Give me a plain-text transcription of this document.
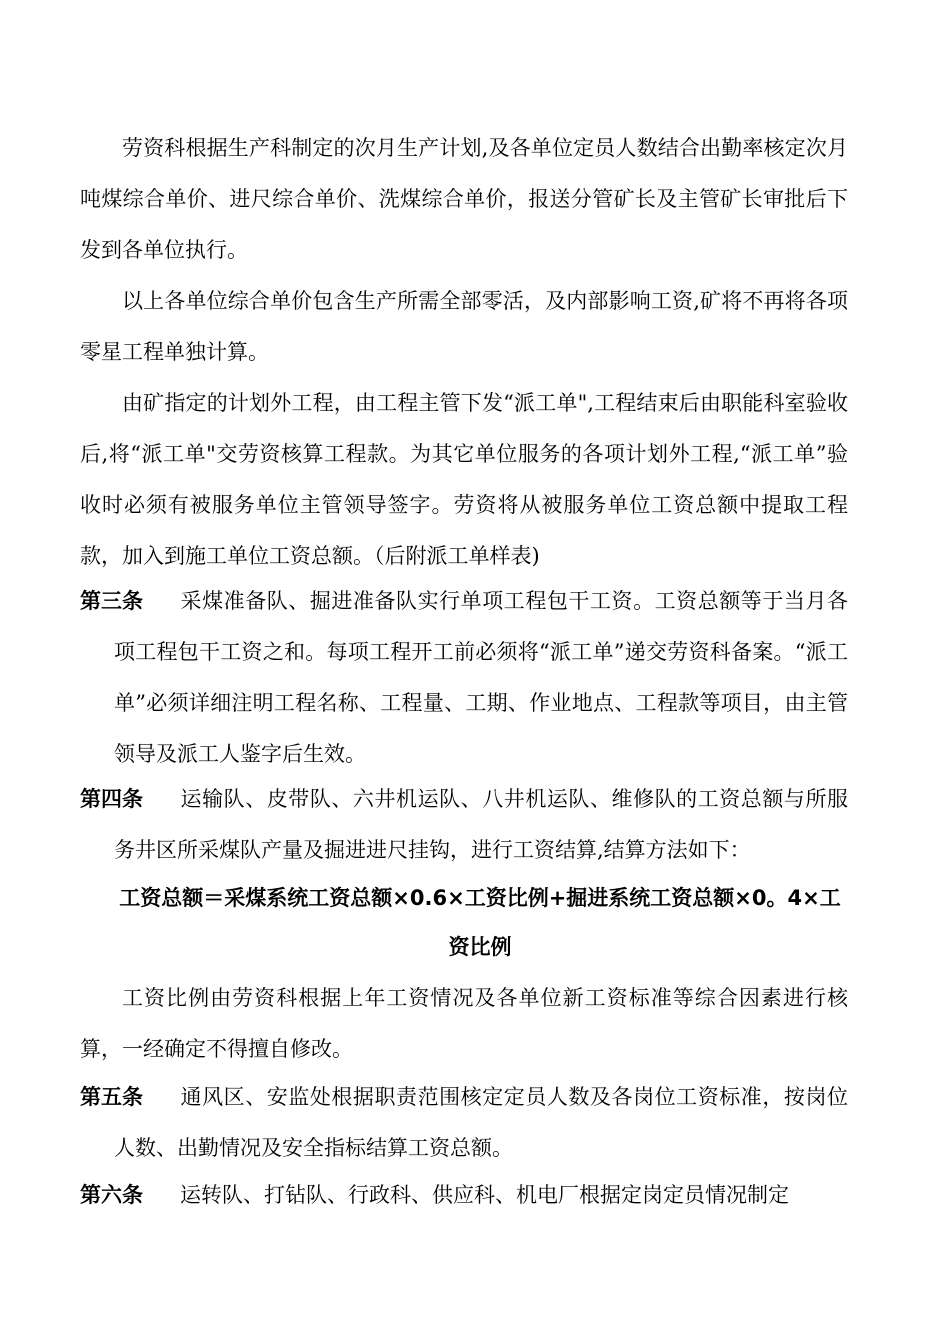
劳资科根据生产科制定的次月生产计划,及各单位定员人数结合出勤率核定次月吨煤综合单价、进尺综合单价、洗煤综合单价，报送分管矿长及主管矿长审批后下发到各单位执行。

以上各单位综合单价包含生产所需全部零活，及内部影响工资,矿将不再将各项零星工程单独计算。

由矿指定的计划外工程，由工程主管下发“派工单",工程结束后由职能科室验收后,将“派工单"交劳资核算工程款。为其它单位服务的各项计划外工程,“派工单”验收时必须有被服务单位主管领导签字。劳资将从被服务单位工资总额中提取工程款，加入到施工单位工资总额。（后附派工单样表)

第三条 采煤准备队、掘进准备队实行单项工程包干工资。工资总额等于当月各项工程包干工资之和。每项工程开工前必须将“派工单”递交劳资科备案。“派工单”必须详细注明工程名称、工程量、工期、作业地点、工程款等项目，由主管领导及派工人鉴字后生效。

第四条 运输队、皮带队、六井机运队、八井机运队、维修队的工资总额与所服务井区所采煤队产量及掘进进尺挂钩，进行工资结算,结算方法如下：

工资总额＝采煤系统工资总额×0.6×工资比例+掘进系统工资总额×0。4×工

资比例

工资比例由劳资科根据上年工资情况及各单位新工资标准等综合因素进行核算，一经确定不得擅自修改。

第五条 通风区、安监处根据职责范围核定定员人数及各岗位工资标准，按岗位人数、出勤情况及安全指标结算工资总额。

第六条 运转队、打钻队、行政科、供应科、机电厂根据定岗定员情况制定
